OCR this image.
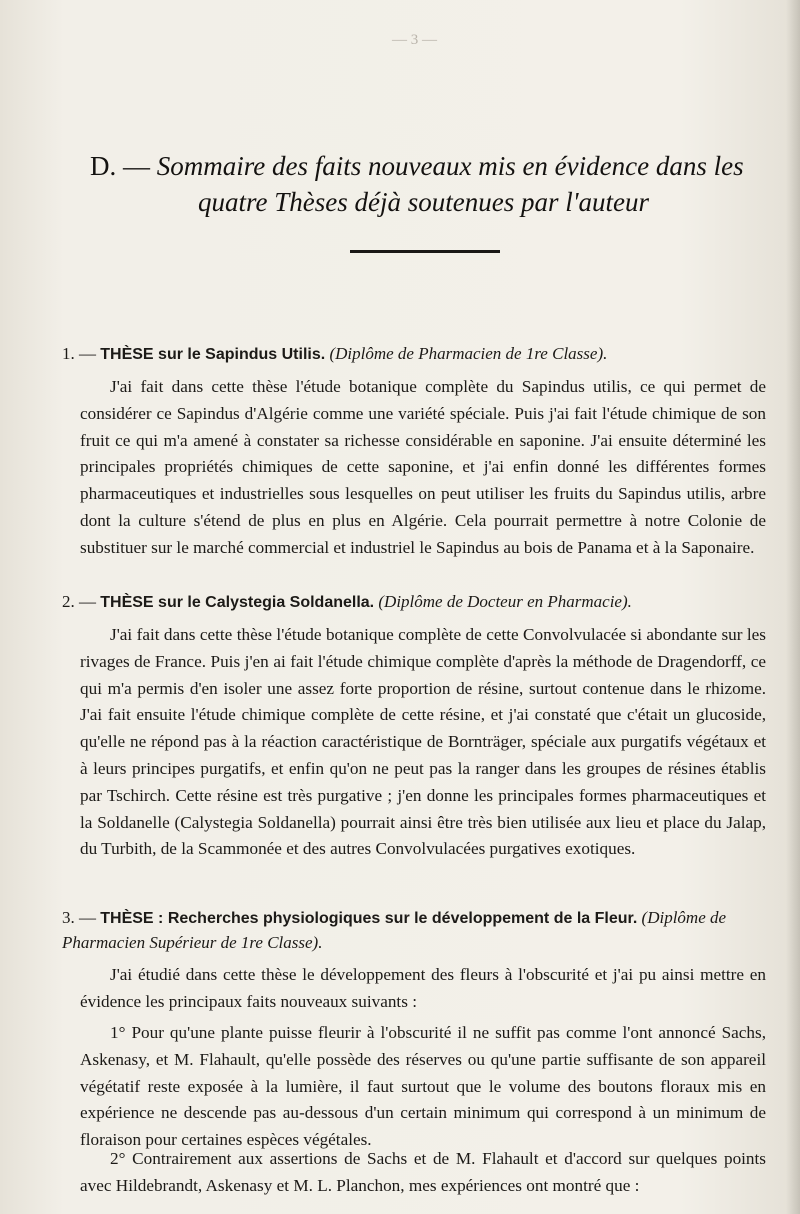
— 3 —
D. — Sommaire des faits nouveaux mis en évidence dans les
quatre Thèses déjà soutenues par l'auteur
1. — THÈSE sur le Sapindus Utilis. (Diplôme de Pharmacien de 1re Classe).

J'ai fait dans cette thèse l'étude botanique complète du Sapindus utilis, ce qui permet de considérer ce Sapindus d'Algérie comme une variété spéciale. Puis j'ai fait l'étude chimique de son fruit ce qui m'a amené à constater sa richesse considérable en saponine. J'ai ensuite déterminé les principales propriétés chimiques de cette saponine, et j'ai enfin donné les différentes formes pharmaceutiques et industrielles sous lesquelles on peut utiliser les fruits du Sapindus utilis, arbre dont la culture s'étend de plus en plus en Algérie. Cela pourrait permettre à notre Colonie de substituer sur le marché commercial et industriel le Sapindus au bois de Panama et à la Saponaire.

2. — THÈSE sur le Calystegia Soldanella. (Diplôme de Docteur en Pharmacie).

J'ai fait dans cette thèse l'étude botanique complète de cette Convolvulacée si abondante sur les rivages de France. Puis j'en ai fait l'étude chimique complète d'après la méthode de Dragendorff, ce qui m'a permis d'en isoler une assez forte proportion de résine, surtout contenue dans le rhizome. J'ai fait ensuite l'étude chimique complète de cette résine, et j'ai constaté que c'était un glucoside, qu'elle ne répond pas à la réaction caractéristique de Bornträger, spéciale aux purgatifs végétaux et à leurs principes purgatifs, et enfin qu'on ne peut pas la ranger dans les groupes de résines établis par Tschirch. Cette résine est très purgative ; j'en donne les principales formes pharmaceutiques et la Soldanelle (Calystegia Soldanella) pourrait ainsi être très bien utilisée aux lieu et place du Jalap, du Turbith, de la Scammonée et des autres Convolvulacées purgatives exotiques.

3. — THÈSE : Recherches physiologiques sur le développement de la Fleur. (Diplôme de Pharmacien Supérieur de 1re Classe).

J'ai étudié dans cette thèse le développement des fleurs à l'obscurité et j'ai pu ainsi mettre en évidence les principaux faits nouveaux suivants :

1° Pour qu'une plante puisse fleurir à l'obscurité il ne suffit pas comme l'ont annoncé Sachs, Askenasy, et M. Flahault, qu'elle possède des réserves ou qu'une partie suffisante de son appareil végétatif reste exposée à la lumière, il faut surtout que le volume des boutons floraux mis en expérience ne descende pas au-dessous d'un certain minimum qui correspond à un minimum de floraison pour certaines espèces végétales.

2° Contrairement aux assertions de Sachs et de M. Flahault et d'accord sur quelques points avec Hildebrandt, Askenasy et M. L. Planchon, mes expériences ont montré que :
